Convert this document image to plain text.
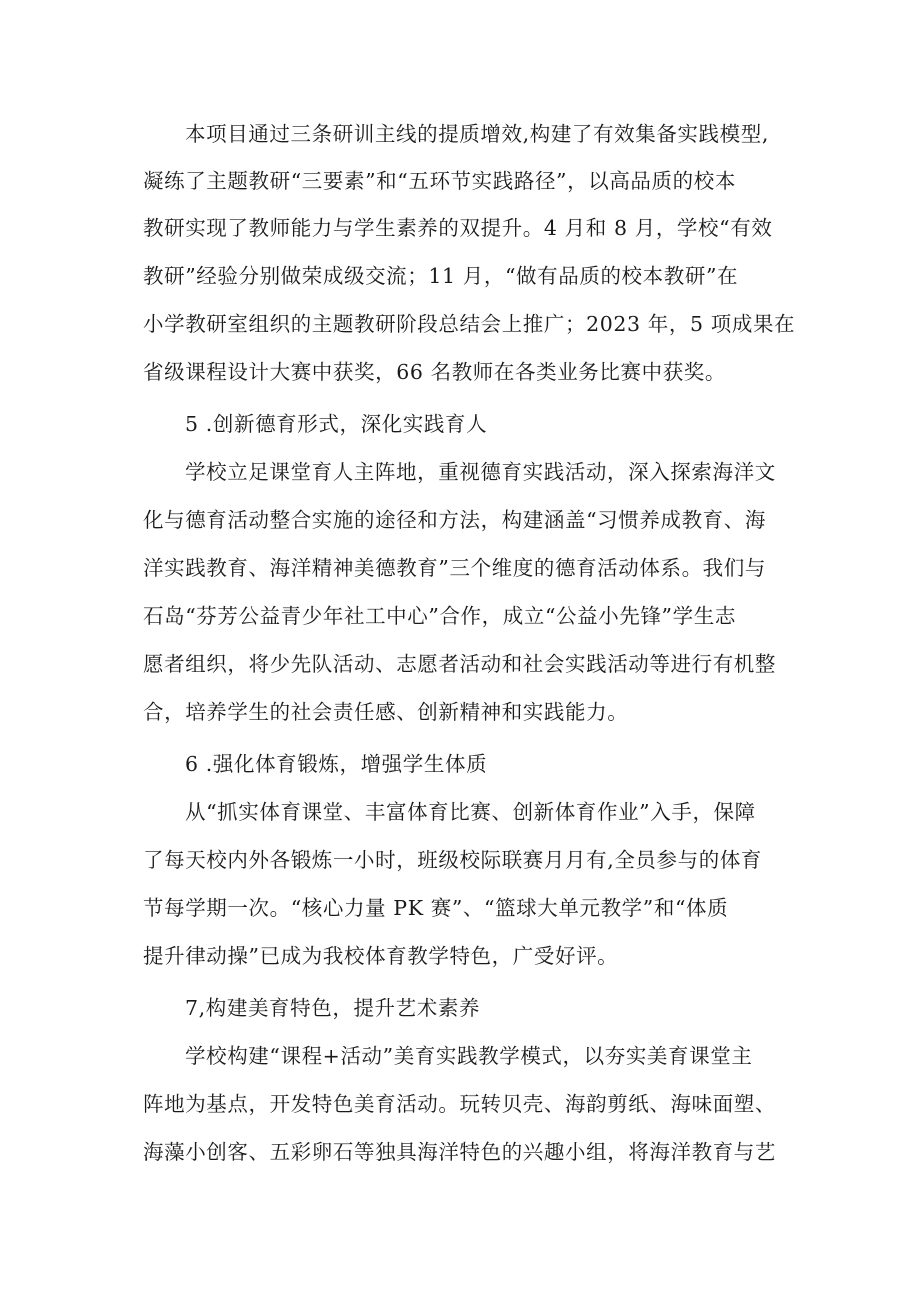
本项目通过三条研训主线的提质增效,构建了有效集备实践模型,
凝练了主题教研“三要素”和“五环节实践路径”，以高品质的校本
教研实现了教师能力与学生素养的双提升。4 月和 8 月，学校“有效
教研”经验分别做荣成级交流；11 月，“做有品质的校本教研”在
小学教研室组织的主题教研阶段总结会上推广；2023 年，5 项成果在
省级课程设计大赛中获奖，66 名教师在各类业务比赛中获奖。
5 .创新德育形式，深化实践育人
学校立足课堂育人主阵地，重视德育实践活动，深入探索海洋文
化与德育活动整合实施的途径和方法，构建涵盖“习惯养成教育、海
洋实践教育、海洋精神美德教育”三个维度的德育活动体系。我们与
石岛“芬芳公益青少年社工中心”合作，成立“公益小先锋”学生志
愿者组织，将少先队活动、志愿者活动和社会实践活动等进行有机整
合，培养学生的社会责任感、创新精神和实践能力。
6 .强化体育锻炼，增强学生体质
从“抓实体育课堂、丰富体育比赛、创新体育作业”入手，保障
了每天校内外各锻炼一小时，班级校际联赛月月有,全员参与的体育
节每学期一次。“核心力量 PK 赛”、“篮球大单元教学”和“体质
提升律动操”已成为我校体育教学特色，广受好评。
7,构建美育特色，提升艺术素养
学校构建“课程+活动”美育实践教学模式，以夯实美育课堂主
阵地为基点，开发特色美育活动。玩转贝壳、海韵剪纸、海味面塑、
海藻小创客、五彩卵石等独具海洋特色的兴趣小组，将海洋教育与艺
